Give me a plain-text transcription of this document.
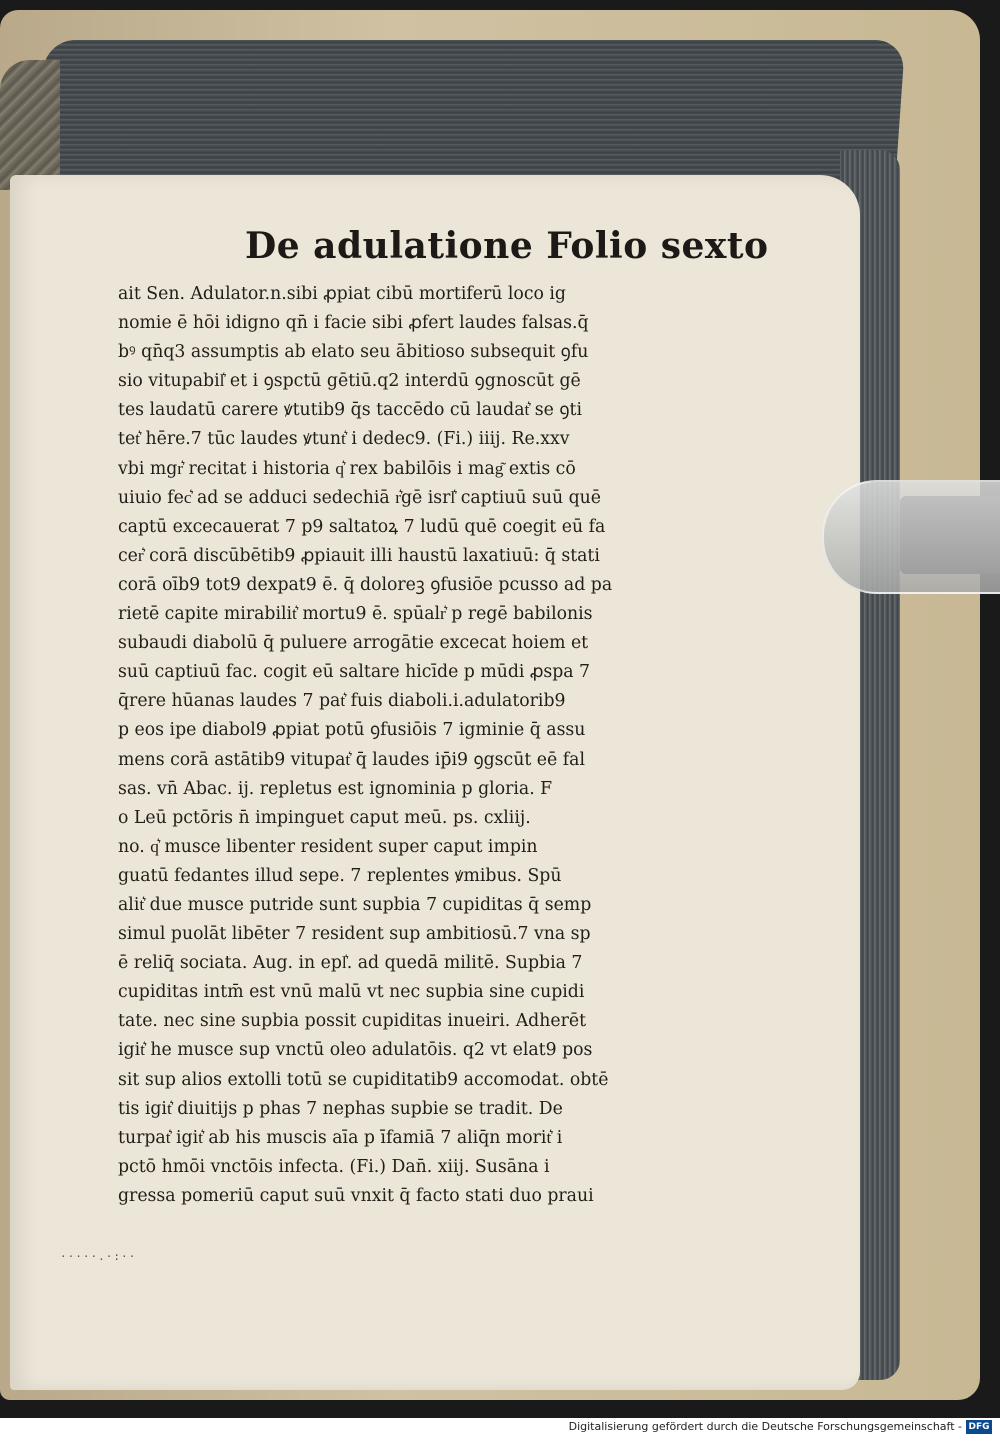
De adulatione Folio sexto
ait Sen. Adulator.n.sibi ꝓpiat cibū mortiferū loco ig
nomie ē hōi idigno qn̄ i facie sibi ꝓfert laudes falsas.q̄
bꝰ qn̄q3 assumptis ab elato seu ābitioso subsequit ꝯfu
sio vitupabil͛ et i ꝯspctū gētiū.q2 interdū ꝯgnoscūt gē
tes laudatū carere ꝟtutib9 q̄s taccēdo cū laudat͛ se ꝯti
tet͛ hēre.7 tūc laudes ꝟtunt͛ i dedec9. (Fi.) iiij. Re.xxv
vbi mgr͛ recitat i historia q͛ rex babilōis i mag͂ extis cō
uiuio fec͛ ad se adduci sedechiā r͛gē isrl͛ captiuū suū quē
captū excecauerat 7 p9 saltatoꝝ 7 ludū quē coegit eū fa
cer͛ corā discūbētib9 ꝓpiauit illi haustū laxatiuū: q̄ stati
corā oīb9 tot9 dexpat9 ē. q̄ doloreꝫ ꝯfusiōe pcusso ad pa
rietē capite mirabilit͛ mortu9 ē. spūalr͛ p regē babilonis
subaudi diabolū q̄ puluere arrogātie excecat hoiem et
suū captiuū fac. cogit eū saltare hicīde p mūdi ꝓspa 7
q̄rere hūanas laudes 7 pat͛ fuis diaboli.i.adulatorib9
p eos ipe diabol9 ꝓpiat potū ꝯfusiōis 7 igminie q̄ assu
mens corā astātib9 vitupat͛ q̄ laudes ip̄i9 ꝯgscūt eē fal
sas. vn̄ Abac. ij. repletus est ignominia p gloria. F
o Leū pctōris n̄ impinguet caput meū. ps. cxliij.
no. q͛ musce libenter resident super caput impin
guatū fedantes illud sepe. 7 replentes ꝟmibus. Spū
alit͛ due musce putride sunt supbia 7 cupiditas q̄ semp
simul puolāt libēter 7 resident sup ambitiosū.7 vna sp
ē reliq̄ sociata. Aug. in epl͛. ad quedā militē. Supbia 7
cupiditas intm̄ est vnū malū vt nec supbia sine cupidi
tate. nec sine supbia possit cupiditas inueiri. Adherēt
igit͛ he musce sup vnctū oleo adulatōis. q2 vt elat9 pos
sit sup alios extolli totū se cupiditatib9 accomodat. obtē
tis igit͛ diuitijs p phas 7 nephas supbie se tradit. De
turpat͛ igit͛ ab his muscis aīa p īfamiā 7 aliq̄n morit͛ i
pctō hmōi vnctōis infecta. (Fi.) Dan̄. xiij. Susāna i
gressa pomeriū caput suū vnxit q̄ facto stati duo praui
·····.·:··
Digitalisierung gefördert durch die Deutsche Forschungsgemeinschaft - DFG
